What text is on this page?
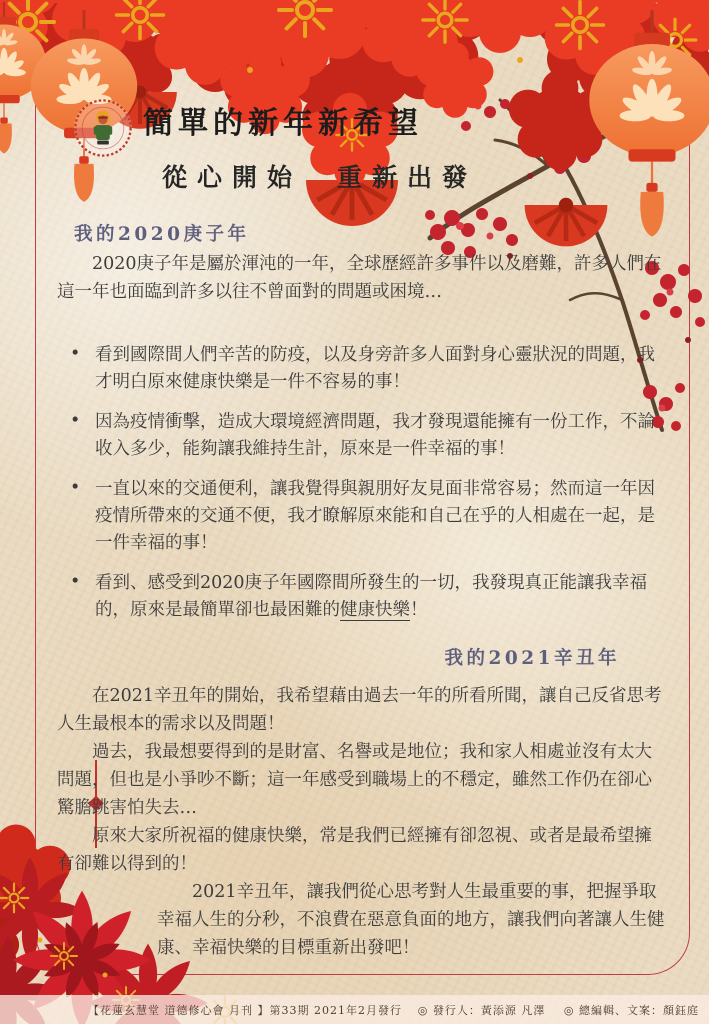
簡單的新年新希望
從心開始　重新出發
我的2020庚子年

2020庚子年是屬於渾沌的一年，全球歷經許多事件以及磨難，許多人們在這一年也面臨到許多以往不曾面對的問題或困境…

• 看到國際間人們辛苦的防疫，以及身旁許多人面對身心靈狀況的問題，我才明白原來健康快樂是一件不容易的事！
• 因為疫情衝擊，造成大環境經濟問題，我才發現還能擁有一份工作，不論收入多少，能夠讓我維持生計，原來是一件幸福的事！
• 一直以來的交通便利，讓我覺得與親朋好友見面非常容易；然而這一年因疫情所帶來的交通不便，我才瞭解原來能和自己在乎的人相處在一起，是一件幸福的事！
• 看到、感受到2020庚子年國際間所發生的一切，我發現真正能讓我幸福的，原來是最簡單卻也最困難的健康快樂！
我的2021辛丑年

在2021辛丑年的開始，我希望藉由過去一年的所看所聞，讓自己反省思考人生最根本的需求以及問題！

過去，我最想要得到的是財富、名譽或是地位；我和家人相處並沒有太大問題，但也是小爭吵不斷；這一年感受到職場上的不穩定，雖然工作仍在卻心驚膽跳害怕失去…

原來大家所祝福的健康快樂，常是我們已經擁有卻忽視、或者是最希望擁有卻難以得到的！

2021辛丑年，讓我們從心思考對人生最重要的事，把握爭取幸福人生的分秒，不浪費在惡意負面的地方，讓我們向著讓人生健康、幸福快樂的目標重新出發吧！

【花蓮玄慧堂 道德修心會 月刊 】第33期 2021年2月發行	◎ 發行人：黃添源 凡澤 ◎ 總編輯、文案：顏鈺庭
